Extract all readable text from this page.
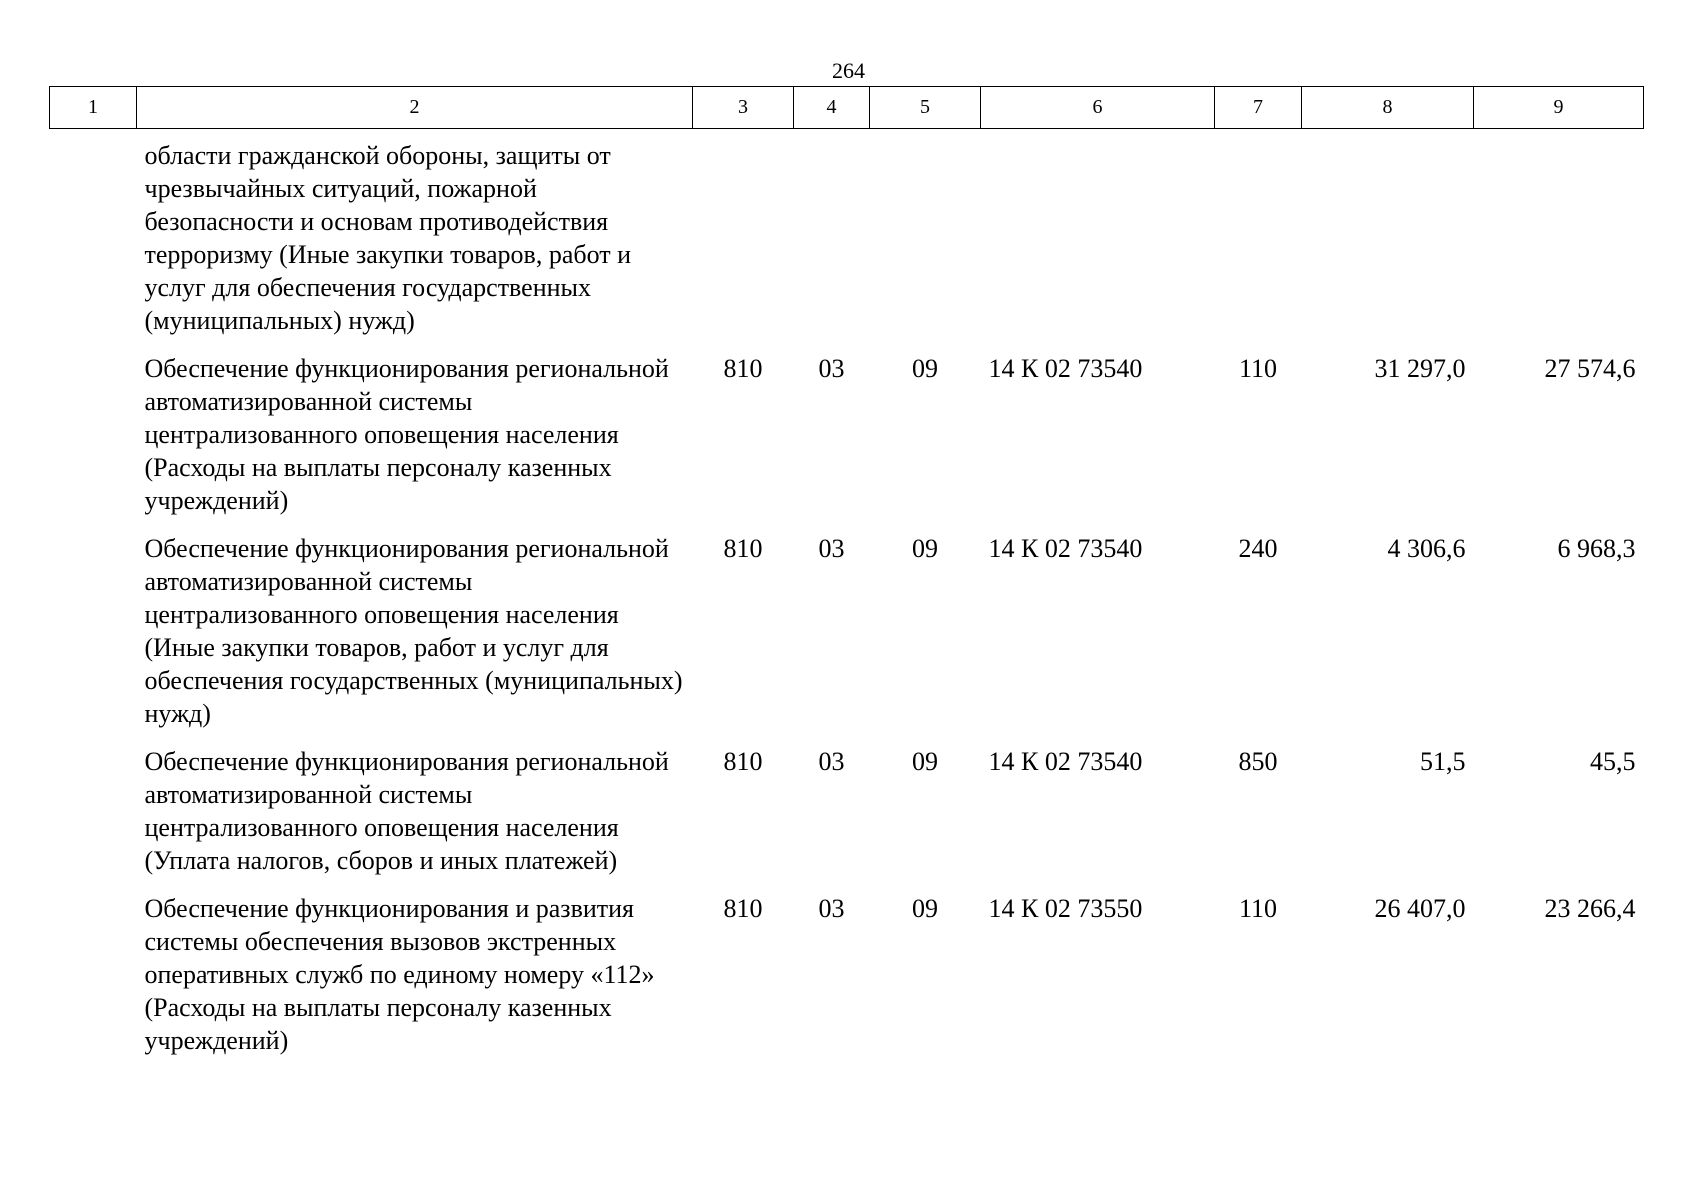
264
1	2	3	4	5	6	7	8	9
	области гражданской обороны, защиты от чрезвычайных ситуаций, пожарной безопасности и основам противодействия терроризму (Иные закупки товаров, работ и услуг для обеспечения государственных (муниципальных) нужд)							
	Обеспечение функционирования региональной автоматизированной системы централизованного оповещения населения (Расходы на выплаты персоналу казенных учреждений)	810	03	09	14 К 02 73540	110	31 297,0	27 574,6
	Обеспечение функционирования региональной автоматизированной системы централизованного оповещения населения (Иные закупки товаров, работ и услуг для обеспечения государственных (муниципальных) нужд)	810	03	09	14 К 02 73540	240	4 306,6	6 968,3
	Обеспечение функционирования региональной автоматизированной системы централизованного оповещения населения (Уплата налогов, сборов и иных платежей)	810	03	09	14 К 02 73540	850	51,5	45,5
	Обеспечение функционирования и развития системы обеспечения вызовов экстренных оперативных служб по единому номеру «112» (Расходы на выплаты персоналу казенных учреждений)	810	03	09	14 К 02 73550	110	26 407,0	23 266,4
